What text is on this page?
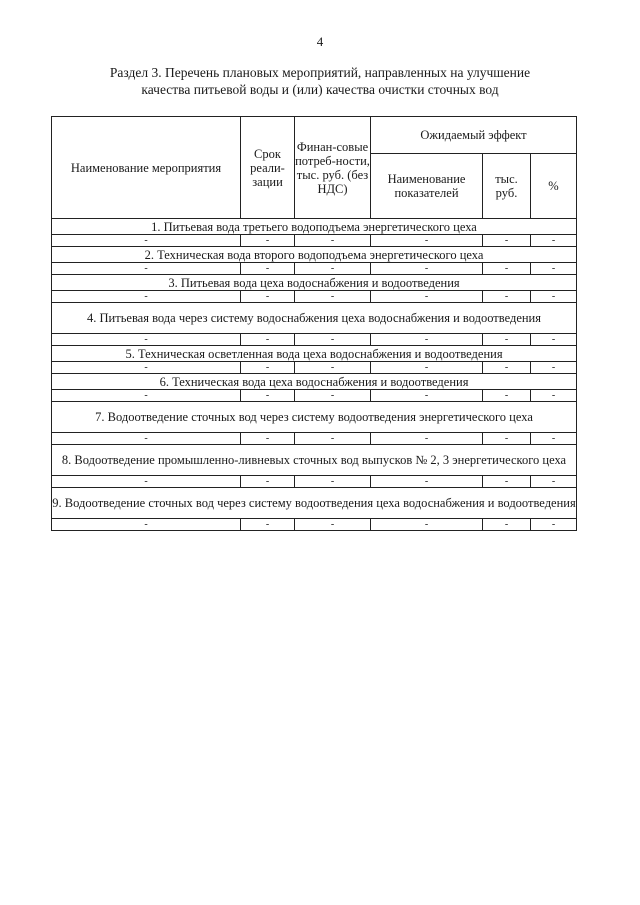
4
Раздел 3. Перечень плановых мероприятий, направленных на улучшение
качества питьевой воды и (или) качества очистки сточных вод
Наименование мероприятия	Срок реали-зации	Финан-совые потреб-ности, тыс. руб. (без НДС)	Ожидаемый эффект		
			Наименование показателей	тыс. руб.	%
1. Питьевая вода третьего водоподъема энергетического цеха					
-	-	-	-	-	-
2. Техническая вода второго водоподъема энергетического цеха					
-	-	-	-	-	-
3. Питьевая вода цеха водоснабжения и водоотведения					
-	-	-	-	-	-
4. Питьевая вода через систему водоснабжения цеха водоснабжения и водоотведения					
-	-	-	-	-	-
5. Техническая осветленная вода цеха водоснабжения и водоотведения					
-	-	-	-	-	-
6. Техническая вода цеха водоснабжения и водоотведения					
-	-	-	-	-	-
7. Водоотведение сточных вод через систему водоотведения энергетического цеха					
-	-	-	-	-	-
8. Водоотведение промышленно-ливневых сточных вод выпусков № 2, 3 энергетического цеха					
-	-	-	-	-	-
9. Водоотведение сточных вод через систему водоотведения цеха водоснабжения и водоотведения					
-	-	-	-	-	-
